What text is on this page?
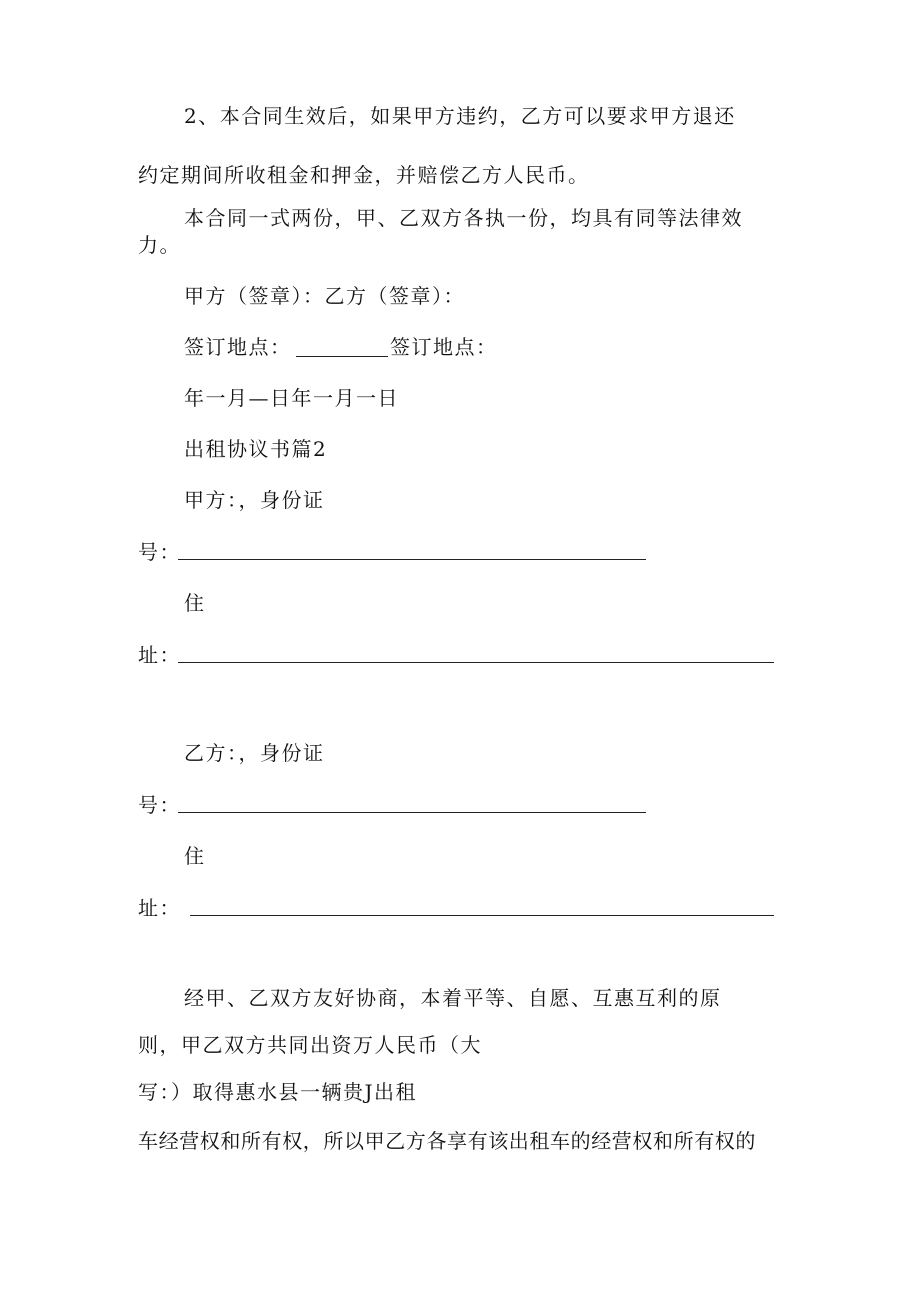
2、本合同生效后，如果甲方违约，乙方可以要求甲方退还
约定期间所收租金和押金，并赔偿乙方人民币。
本合同一式两份，甲、乙双方各执一份，均具有同等法律效
力。
甲方（签章）：乙方（签章）：
签订地点：	签订地点：
年一月—日年一月一日
出租协议书篇2
甲方：，身份证
号：
住
址：
乙方：，身份证
号：
住
址：
经甲、乙双方友好协商，本着平等、自愿、互惠互利的原
则，甲乙双方共同出资万人民币（大
写：）取得惠水县一辆贵J出租
车经营权和所有权，所以甲乙方各享有该出租车的经营权和所有权的
